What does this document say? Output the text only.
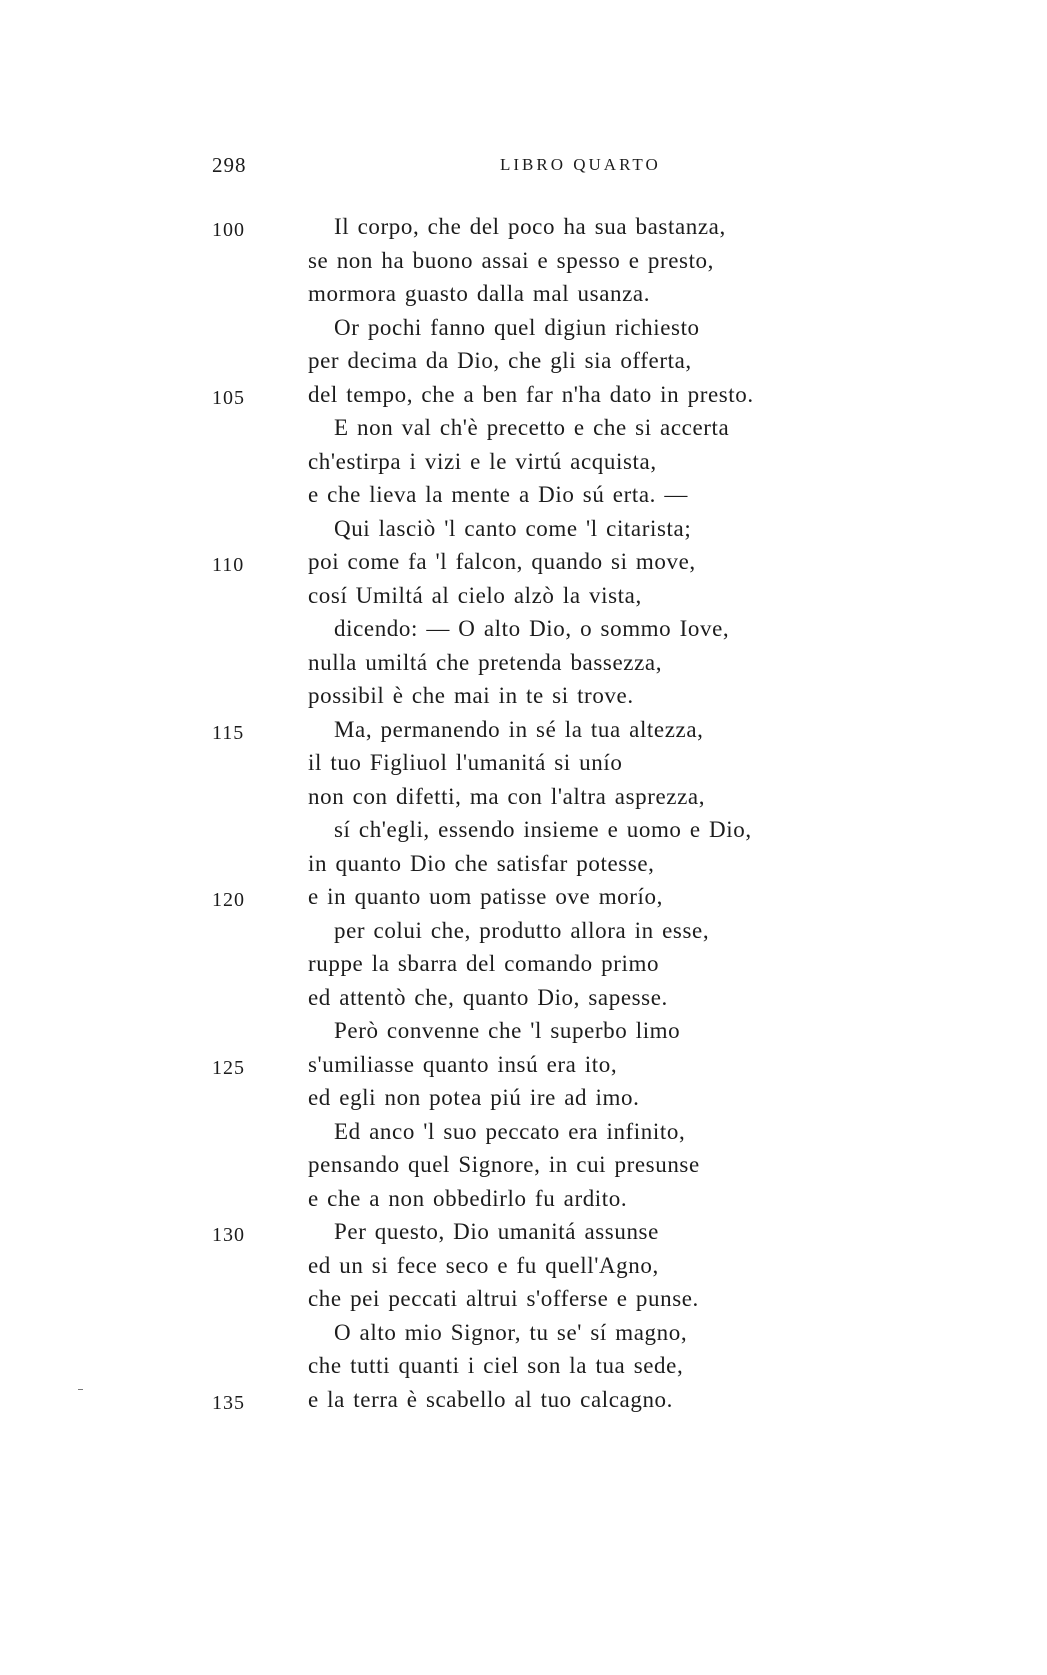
298	LIBRO QUARTO
100	Il corpo, che del poco ha sua bastanza,
se non ha buono assai e spesso e presto,
mormora guasto dalla mal usanza.
Or pochi fanno quel digiun richiesto
per decima da Dio, che gli sia offerta,
105	del tempo, che a ben far n'ha dato in presto.
E non val ch'è precetto e che si accerta
ch'estirpa i vizi e le virtú acquista,
e che lieva la mente a Dio sú erta. —
Qui lasciò 'l canto come 'l citarista;
110	poi come fa 'l falcon, quando si move,
cosí Umiltá al cielo alzò la vista,
dicendo: — O alto Dio, o sommo Iove,
nulla umiltá che pretenda bassezza,
possibil è che mai in te si trove.
115	Ma, permanendo in sé la tua altezza,
il tuo Figliuol l'umanitá si unío
non con difetti, ma con l'altra asprezza,
sí ch'egli, essendo insieme e uomo e Dio,
in quanto Dio che satisfar potesse,
120	e in quanto uom patisse ove morío,
per colui che, produtto allora in esse,
ruppe la sbarra del comando primo
ed attentò che, quanto Dio, sapesse.
Però convenne che 'l superbo limo
125	s'umiliasse quanto insú era ito,
ed egli non potea piú ire ad imo.
Ed anco 'l suo peccato era infinito,
pensando quel Signore, in cui presunse
e che a non obbedirlo fu ardito.
130	Per questo, Dio umanitá assunse
ed un si fece seco e fu quell'Agno,
che pei peccati altrui s'offerse e punse.
O alto mio Signor, tu se' sí magno,
che tutti quanti i ciel son la tua sede,
135	e la terra è scabello al tuo calcagno.
